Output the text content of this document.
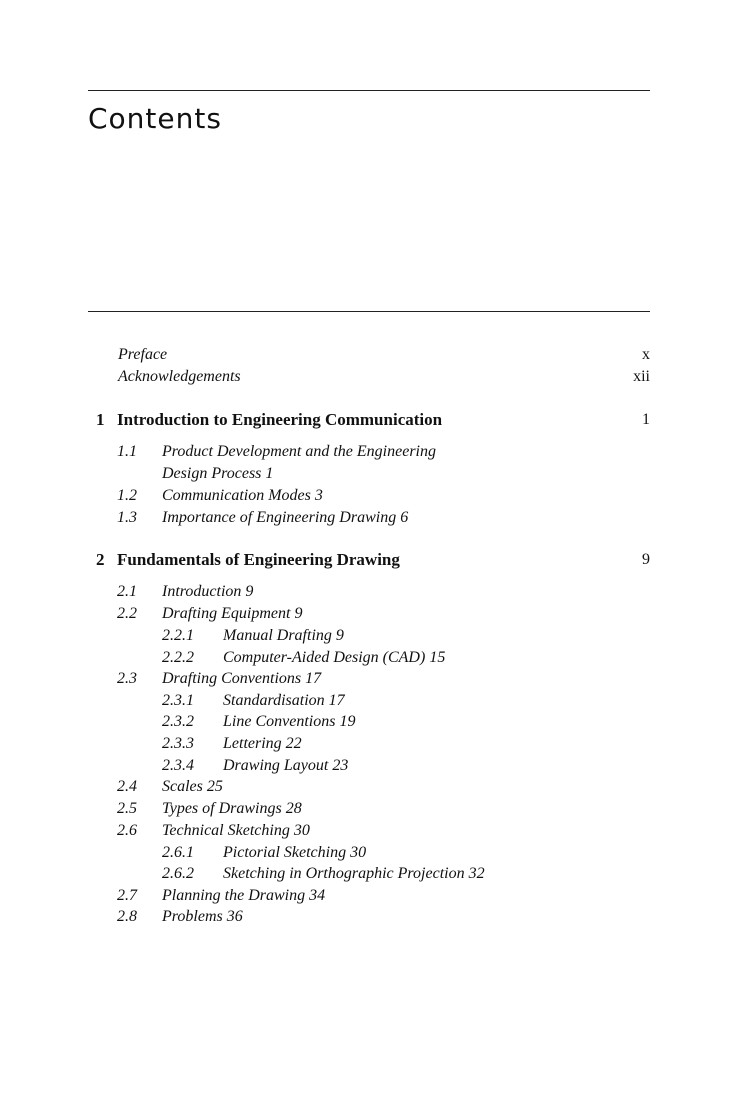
Contents
Preface	x
Acknowledgements	xii
1 Introduction to Engineering Communication	1
1.1 Product Development and the Engineering
Design Process 1
1.2 Communication Modes 3
1.3 Importance of Engineering Drawing 6
2 Fundamentals of Engineering Drawing	9
2.1 Introduction 9
2.2 Drafting Equipment 9
2.2.1 Manual Drafting 9
2.2.2 Computer-Aided Design (CAD) 15
2.3 Drafting Conventions 17
2.3.1 Standardisation 17
2.3.2 Line Conventions 19
2.3.3 Lettering 22
2.3.4 Drawing Layout 23
2.4 Scales 25
2.5 Types of Drawings 28
2.6 Technical Sketching 30
2.6.1 Pictorial Sketching 30
2.6.2 Sketching in Orthographic Projection 32
2.7 Planning the Drawing 34
2.8 Problems 36
